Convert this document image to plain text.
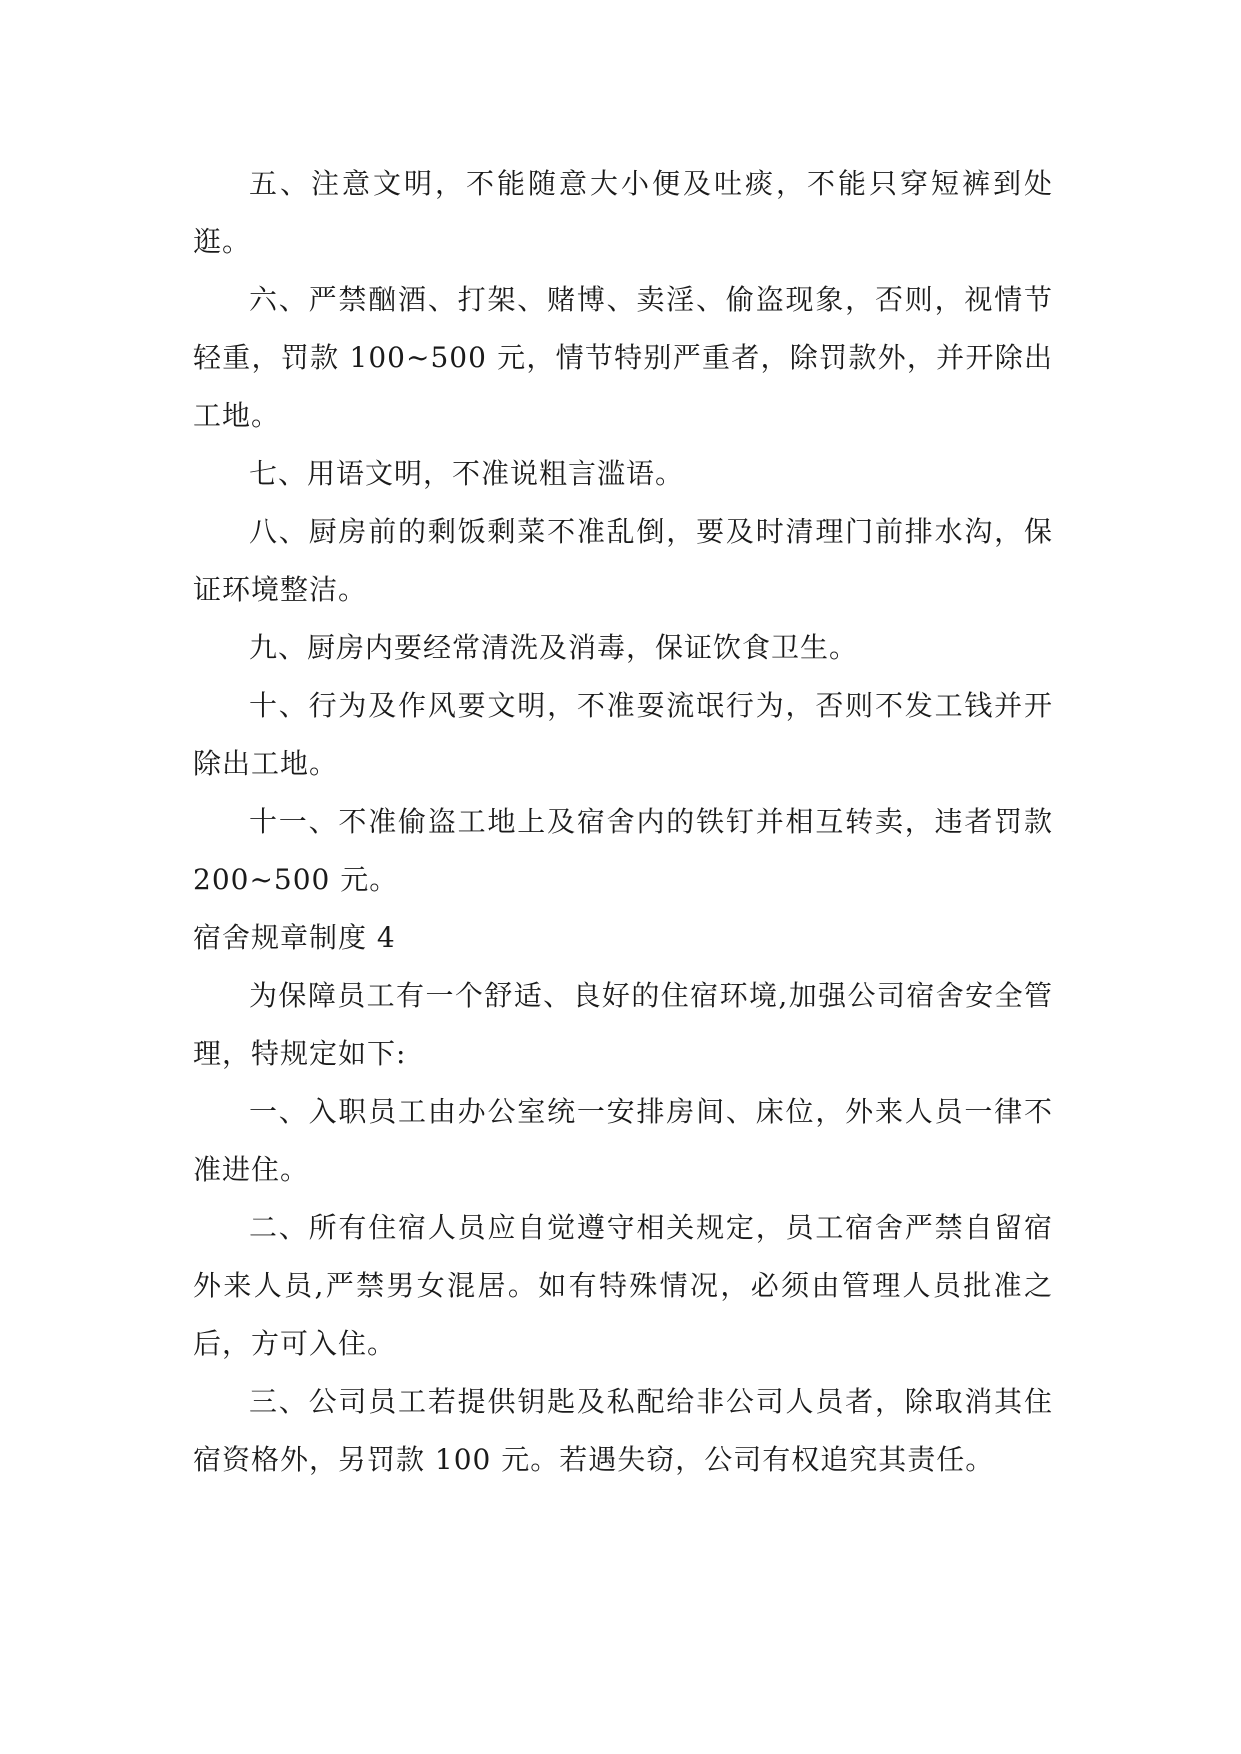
五、注意文明，不能随意大小便及吐痰，不能只穿短裤到处逛。

六、严禁酗酒、打架、赌博、卖淫、偷盗现象，否则，视情节轻重，罚款 100~500 元，情节特别严重者，除罚款外，并开除出工地。

七、用语文明，不准说粗言滥语。

八、厨房前的剩饭剩菜不准乱倒，要及时清理门前排水沟，保证环境整洁。

九、厨房内要经常清洗及消毒，保证饮食卫生。

十、行为及作风要文明，不准耍流氓行为，否则不发工钱并开除出工地。

十一、不准偷盗工地上及宿舍内的铁钉并相互转卖，违者罚款 200~500 元。

宿舍规章制度 4

为保障员工有一个舒适、良好的住宿环境,加强公司宿舍安全管理，特规定如下:

一、入职员工由办公室统一安排房间、床位，外来人员一律不准进住。

二、所有住宿人员应自觉遵守相关规定，员工宿舍严禁自留宿外来人员,严禁男女混居。如有特殊情况，必须由管理人员批准之后，方可入住。

三、公司员工若提供钥匙及私配给非公司人员者，除取消其住宿资格外，另罚款 100 元。若遇失窃，公司有权追究其责任。
